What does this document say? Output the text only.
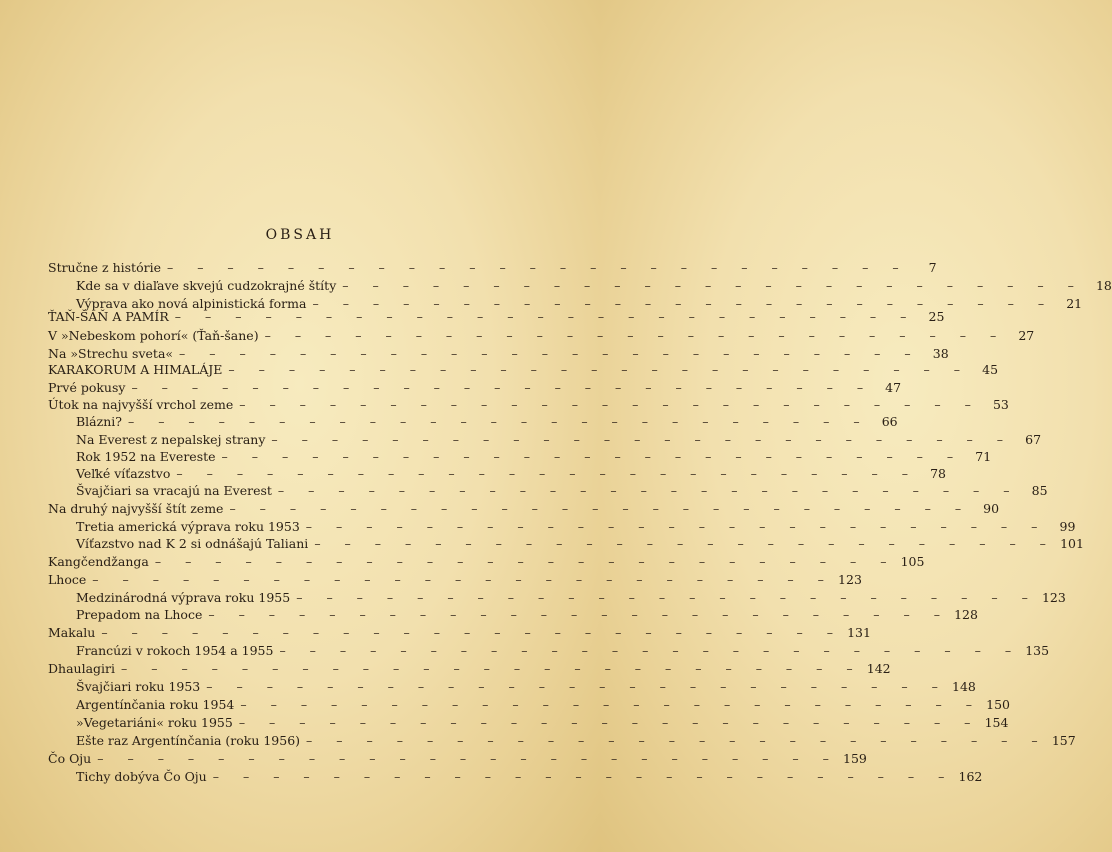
OBSAH
Stručne z histórie – – – – – – – – – – – – – – – – – – – – – – – – –	7
Kde sa v diaľave skvejú cudzokrajné štíty – – – – – – – – – – – – – – – – – – – – – – – – – 18
Výprava ako nová alpinistická forma – – – – – – – – – – – – – – – – – – – – – – – – – 21
ŤAŇ-ŠAŇ A PAMÍR – – – – – – – – – – – – – – – – – – – – – – – – – 25
V »Nebeskom pohorí« (Ťaň-šane) – – – – – – – – – – – – – – – – – – – – – – – – – 27
Na »Strechu sveta« – – – – – – – – – – – – – – – – – – – – – – – – – 38
KARAKORUM A HIMALÁJE – – – – – – – – – – – – – – – – – – – – – – – – – 45
Prvé pokusy – – – – – – – – – – – – – – – – – – – – – – – – – 47
Útok na najvyšší vrchol zeme – – – – – – – – – – – – – – – – – – – – – – – – – 53
Blázni? – – – – – – – – – – – – – – – – – – – – – – – – – 66
Na Everest z nepalskej strany – – – – – – – – – – – – – – – – – – – – – – – – – 67
Rok 1952 na Evereste – – – – – – – – – – – – – – – – – – – – – – – – – 71
Veľké víťazstvo – – – – – – – – – – – – – – – – – – – – – – – – – 78
Švajčiari sa vracajú na Everest – – – – – – – – – – – – – – – – – – – – – – – – – 85
Na druhý najvyšší štít zeme – – – – – – – – – – – – – – – – – – – – – – – – – 90
Tretia americká výprava roku 1953 – – – – – – – – – – – – – – – – – – – – – – – – – 99
Víťazstvo nad K 2 si odnášajú Taliani – – – – – – – – – – – – – – – – – – – – – – – – – 101
Kangčendžanga – – – – – – – – – – – – – – – – – – – – – – – – – 105
Lhoce – – – – – – – – – – – – – – – – – – – – – – – – – 123
Medzinárodná výprava roku 1955 – – – – – – – – – – – – – – – – – – – – – – – – – 123
Prepadom na Lhoce – – – – – – – – – – – – – – – – – – – – – – – – – 128
Makalu – – – – – – – – – – – – – – – – – – – – – – – – – 131
Francúzi v rokoch 1954 a 1955 – – – – – – – – – – – – – – – – – – – – – – – – – 135
Dhaulagiri – – – – – – – – – – – – – – – – – – – – – – – – – 142
Švajčiari roku 1953 – – – – – – – – – – – – – – – – – – – – – – – – – 148
Argentínčania roku 1954 – – – – – – – – – – – – – – – – – – – – – – – – – 150
»Vegetariáni« roku 1955 – – – – – – – – – – – – – – – – – – – – – – – – – 154
Ešte raz Argentínčania (roku 1956) – – – – – – – – – – – – – – – – – – – – – – – – – 157
Čo Oju – – – – – – – – – – – – – – – – – – – – – – – – – 159
Tichy dobýva Čo Oju – – – – – – – – – – – – – – – – – – – – – – – – – 162
